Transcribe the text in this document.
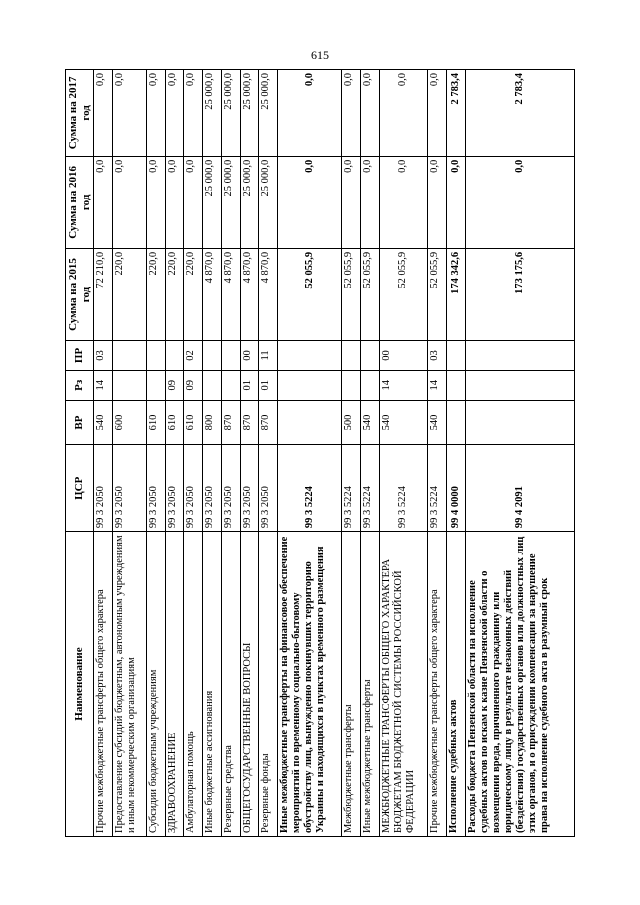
615
Наименование	ЦСР	ВР	Рз	ПР	Сумма на 2015 год	Сумма на 2016 год	Сумма на 2017 год
Прочие межбюджетные трансферты общего характера	99 3 2050	540	14	03	72 210,0	0,0	0,0
Предоставление субсидий бюджетным, автономным учреждениям и иным некоммерческим организациям	99 3 2050	600			220,0	0,0	0,0
Субсидии бюджетным учреждениям	99 3 2050	610			220,0	0,0	0,0
ЗДРАВООХРАНЕНИЕ	99 3 2050	610	09		220,0	0,0	0,0
Амбулаторная помощь	99 3 2050	610	09	02	220,0	0,0	0,0
Иные бюджетные ассигнования	99 3 2050	800			4 870,0	25 000,0	25 000,0
Резервные средства	99 3 2050	870			4 870,0	25 000,0	25 000,0
ОБЩЕГОСУДАРСТВЕННЫЕ ВОПРОСЫ	99 3 2050	870	01	00	4 870,0	25 000,0	25 000,0
Резервные фонды	99 3 2050	870	01	11	4 870,0	25 000,0	25 000,0
Иные межбюджетные трансферты на финансовое обеспечение мероприятий по временному социально-бытовому обустройству лиц, вынужденно покинувших территорию Украины и находящихся в пунктах временного размещения	99 3 5224				52 055,9	0,0	0,0
Межбюджетные трансферты	99 3 5224	500			52 055,9	0,0	0,0
Иные межбюджетные трансферты	99 3 5224	540			52 055,9	0,0	0,0
МЕЖБЮДЖЕТНЫЕ ТРАНСФЕРТЫ ОБЩЕГО ХАРАКТЕРА БЮДЖЕТАМ БЮДЖЕТНОЙ СИСТЕМЫ РОССИЙСКОЙ ФЕДЕРАЦИИ	99 3 5224	540	14	00	52 055,9	0,0	0,0
Прочие межбюджетные трансферты общего характера	99 3 5224	540	14	03	52 055,9	0,0	0,0
Исполнение судебных актов	99 4 0000				174 342,6	0,0	2 783,4
Расходы бюджета Пензенской области на исполнение судебных актов по искам к казне Пензенской области о возмещении вреда, причиненного гражданину или юридическому лицу в результате незаконных действий (бездействия) государственных органов или должностных лиц этих органов, и о присуждении компенсации за нарушение права на исполнение судебного акта в разумный срок	99 4 2091				173 175,6	0,0	2 783,4
